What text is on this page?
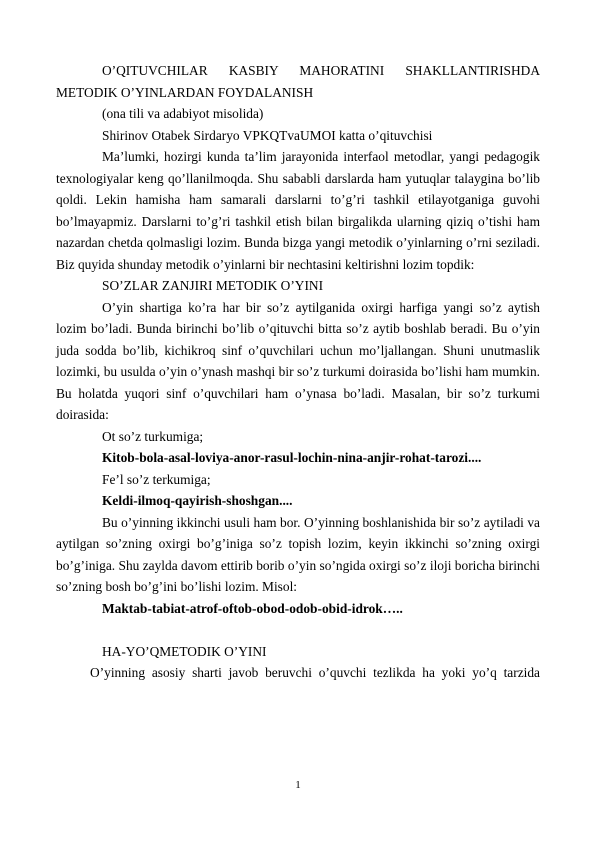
O’QITUVCHILAR KASBIY MAHORATINI SHAKLLANTIRISHDA

METODIK O’YINLARDAN FOYDALANISH

(ona tili va adabiyot misolida)

Shirinov Otabek Sirdaryo VPKQTvaUMOI katta o’qituvchisi

Ma’lumki, hozirgi kunda ta’lim jarayonida interfaol metodlar, yangi pedagogik texnologiyalar keng qo’llanilmoqda. Shu sababli darslarda ham yutuqlar talaygina bo’lib qoldi. Lekin hamisha ham samarali darslarni to’g’ri tashkil etilayotganiga guvohi bo’lmayapmiz. Darslarni to’g’ri tashkil etish bilan birgalikda ularning qiziq o’tishi ham nazardan chetda qolmasligi lozim. Bunda bizga yangi metodik o’yinlarning o’rni seziladi. Biz quyida shunday metodik o’yinlarni bir nechtasini keltirishni lozim topdik:

SO’ZLAR ZANJIRI METODIK O’YINI

O’yin shartiga ko’ra har bir so’z aytilganida oxirgi harfiga yangi so’z aytish lozim bo’ladi. Bunda birinchi bo’lib o’qituvchi bitta so’z aytib boshlab beradi. Bu o’yin juda sodda bo’lib, kichikroq sinf o’quvchilari uchun mo’ljallangan. Shuni unutmaslik lozimki, bu usulda o’yin o’ynash mashqi bir so’z turkumi doirasida bo’lishi ham mumkin. Bu holatda yuqori sinf o’quvchilari ham o’ynasa bo’ladi. Masalan, bir so’z turkumi doirasida:

Ot so’z turkumiga;

Kitob-bola-asal-loviya-anor-rasul-lochin-nina-anjir-rohat-tarozi....

Fe’l so’z terkumiga;

Keldi-ilmoq-qayirish-shoshgan....

Bu o’yinning ikkinchi usuli ham bor. O’yinning boshlanishida bir so’z aytiladi va aytilgan so’zning oxirgi bo’g’iniga so’z topish lozim, keyin ikkinchi so’zning oxirgi bo’g’iniga. Shu zaylda davom ettirib borib o’yin so’ngida oxirgi so’z iloji boricha birinchi so’zning bosh bo’g’ini bo’lishi lozim. Misol:

Maktab-tabiat-atrof-oftob-obod-odob-obid-idrok…..

HA-YO’QMETODIK O’YINI

O’yinning asosiy sharti javob beruvchi o’quvchi tezlikda ha yoki yo’q tarzida

1
